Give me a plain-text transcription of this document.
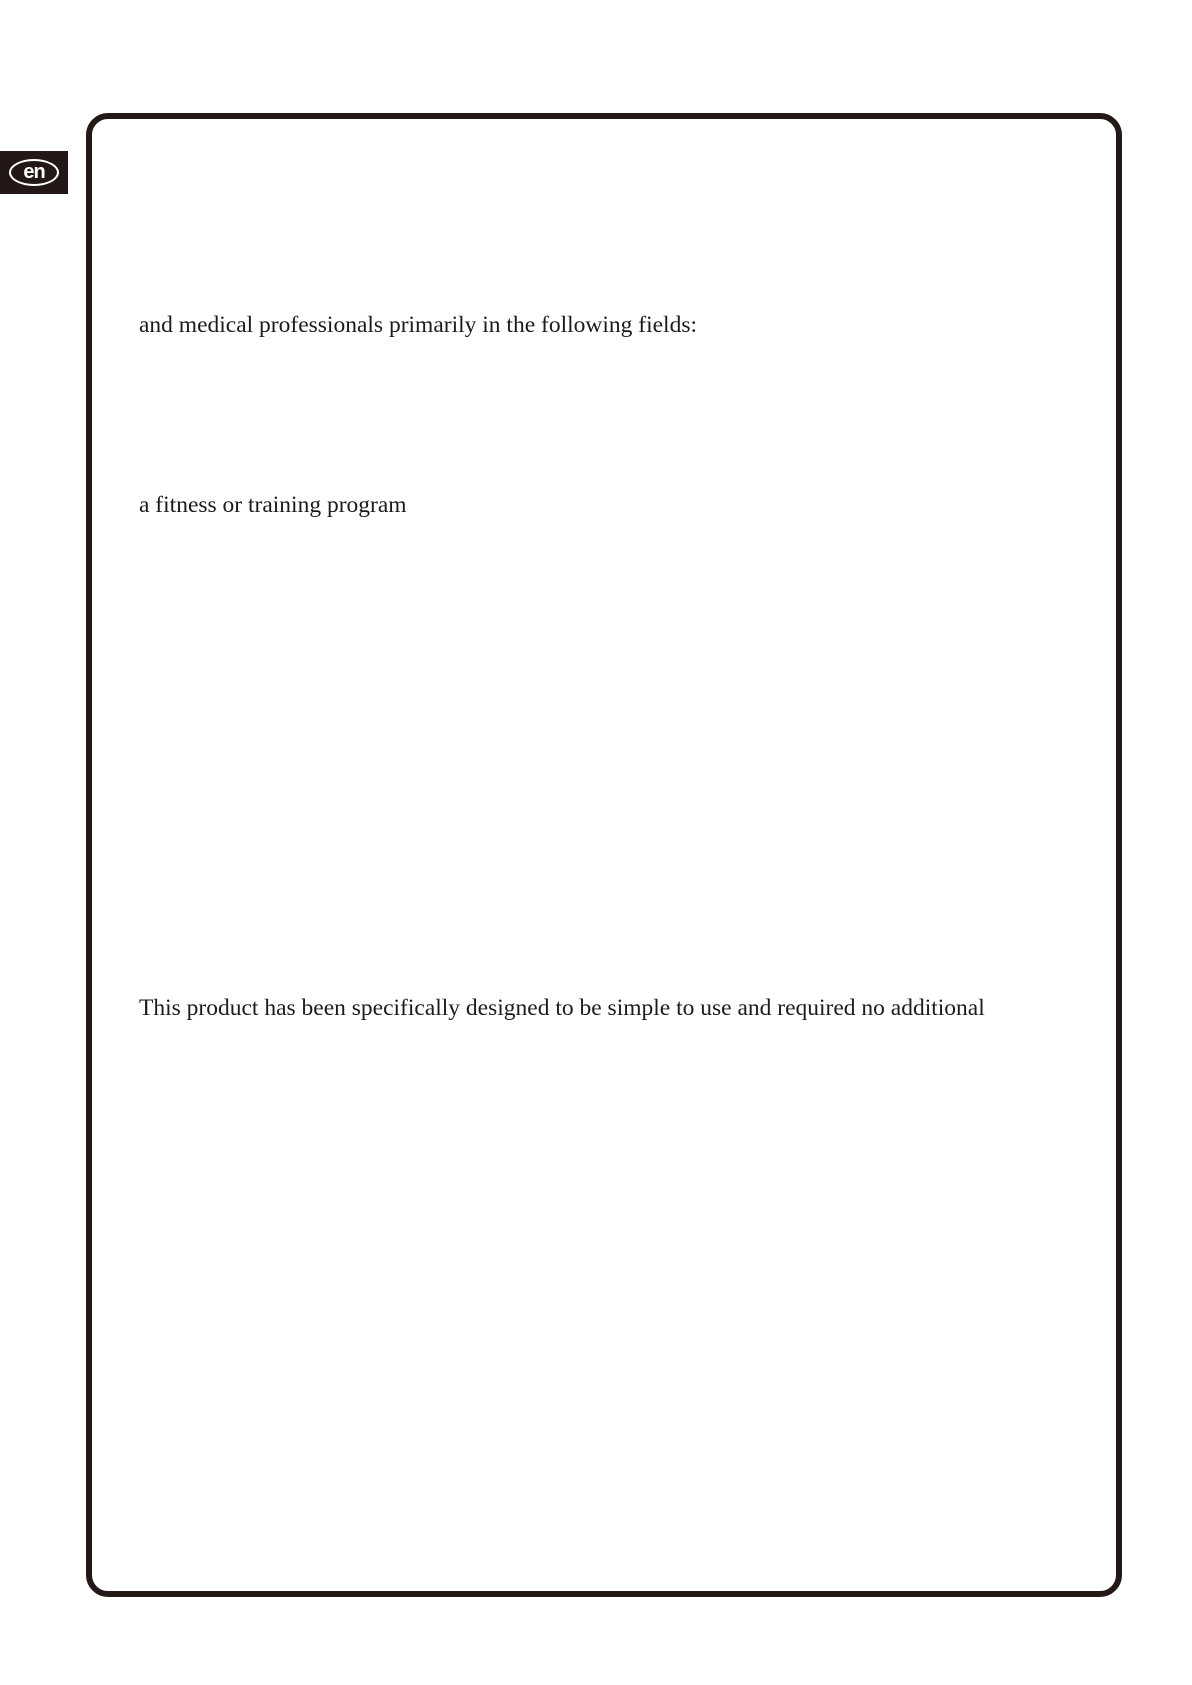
en
and medical professionals primarily in the following fields:
a fitness or training program
This product has been specifically designed to be simple to use and required no additional
